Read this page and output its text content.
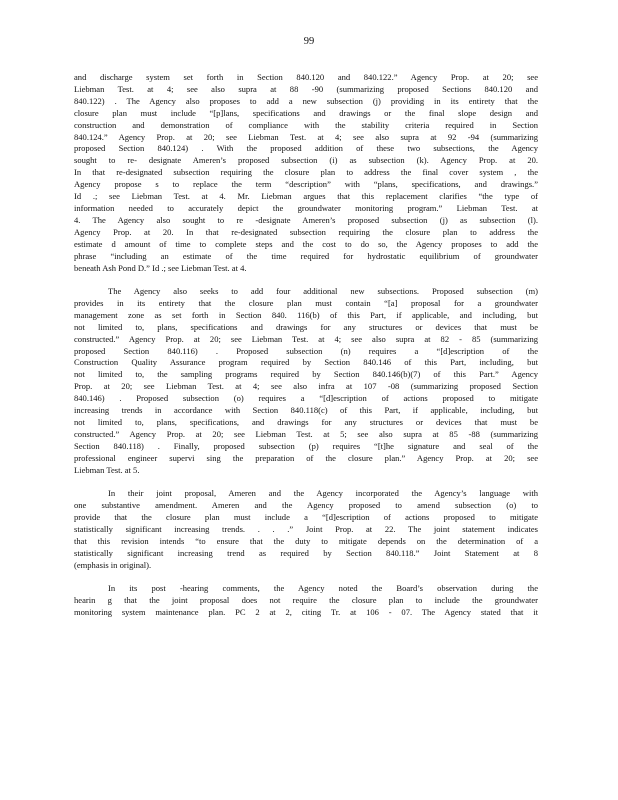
99

and discharge system set forth in Section 840.120 and 840.122.” Agency Prop. at 20; see
Liebman Test. at 4; see also supra at 88 -90 (summarizing proposed Sections 840.120 and
840.122) . The Agency also proposes to add a new subsection (j) providing in its entirety that the
closure plan must include “[p]lans, specifications and drawings or the final slope design and
construction and demonstration of compliance with the stability criteria required in Section
840.124.” Agency Prop. at 20; see Liebman Test. at 4; see also supra at 92 -94 (summarizing
proposed Section 840.124) . With the proposed addition of these two subsections, the Agency
sought to re- designate Ameren’s proposed subsection (i) as subsection (k). Agency Prop. at 20.
In that re-designated subsection requiring the closure plan to address the final cover system , the
Agency propose s to replace the term “description” with “plans, specifications, and drawings.”
Id .; see Liebman Test. at 4. Mr. Liebman argues that this replacement clarifies “the type of
information needed to accurately depict the groundwater monitoring program.” Liebman Test. at
4. The Agency also sought to re -designate Ameren’s proposed subsection (j) as subsection (l).
Agency Prop. at 20. In that re-designated subsection requiring the closure plan to address the
estimate d amount of time to complete steps and the cost to do so, the Agency proposes to add the
phrase “including an estimate of the time required for hydrostatic equilibrium of groundwater
beneath Ash Pond D.” Id .; see Liebman Test. at 4.

The Agency also seeks to add four additional new subsections. Proposed subsection (m)
provides in its entirety that the closure plan must contain “[a] proposal for a groundwater
management zone as set forth in Section 840. 116(b) of this Part, if applicable, and including, but
not limited to, plans, specifications and drawings for any structures or devices that must be
constructed.” Agency Prop. at 20; see Liebman Test. at 4; see also supra at 82 - 85 (summarizing
proposed Section 840.116) . Proposed subsection (n) requires a “[d]escription of the
Construction Quality Assurance program required by Section 840.146 of this Part, including, but
not limited to, the sampling programs required by Section 840.146(b)(7) of this Part.” Agency
Prop. at 20; see Liebman Test. at 4; see also infra at 107 -08 (summarizing proposed Section
840.146) . Proposed subsection (o) requires a “[d]escription of actions proposed to mitigate
increasing trends in accordance with Section 840.118(c) of this Part, if applicable, including, but
not limited to, plans, specifications, and drawings for any structures or devices that must be
constructed.” Agency Prop. at 20; see Liebman Test. at 5; see also supra at 85 -88 (summarizing
Section 840.118) . Finally, proposed subsection (p) requires “[t]he signature and seal of the
professional engineer supervi sing the preparation of the closure plan.” Agency Prop. at 20; see
Liebman Test. at 5.

In their joint proposal, Ameren and the Agency incorporated the Agency’s language with
one substantive amendment. Ameren and the Agency proposed to amend subsection (o) to
provide that the closure plan must include a “[d]escription of actions proposed to mitigate
statistically significant increasing trends. . . .” Joint Prop. at 22. The joint statement indicates
that this revision intends “to ensure that the duty to mitigate depends on the determination of a
statistically significant increasing trend as required by Section 840.118.” Joint Statement at 8
(emphasis in original).

In its post -hearing comments, the Agency noted the Board’s observation during the
hearin g that the joint proposal does not require the closure plan to include the groundwater
monitoring system maintenance plan. PC 2 at 2, citing Tr. at 106 - 07. The Agency stated that it
